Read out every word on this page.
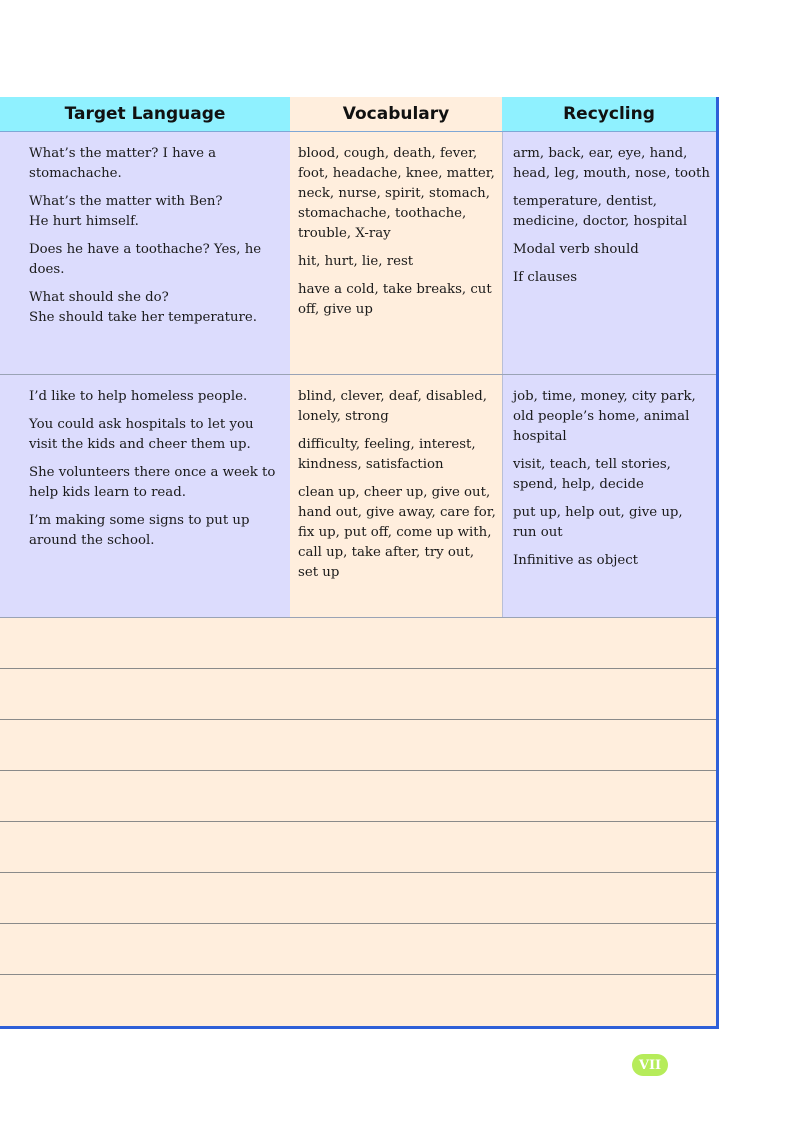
Target Language	Vocabulary	Recycling

What’s the matter? I have a stomachache.

What’s the matter with Ben?
He hurt himself.

Does he have a toothache? Yes, he does.

What should she do?
She should take her temperature.

blood, cough, death, fever, foot, headache, knee, matter, neck, nurse, spirit, stomach, stomachache, toothache, trouble, X-ray

hit, hurt, lie, rest

have a cold, take breaks, cut off, give up

arm, back, ear, eye, hand, head, leg, mouth, nose, tooth

temperature, dentist, medicine, doctor, hospital

Modal verb should

If clauses

I’d like to help homeless people.

You could ask hospitals to let you visit the kids and cheer them up.

She volunteers there once a week to help kids learn to read.

I’m making some signs to put up around the school.

blind, clever, deaf, disabled, lonely, strong

difficulty, feeling, interest, kindness, satisfaction

clean up, cheer up, give out, hand out, give away, care for, fix up, put off, come up with, call up, take after, try out, set up

job, time, money, city park,
old people’s home, animal hospital

visit, teach, tell stories, spend, help, decide

put up, help out, give up, run out

Infinitive as object

VII
